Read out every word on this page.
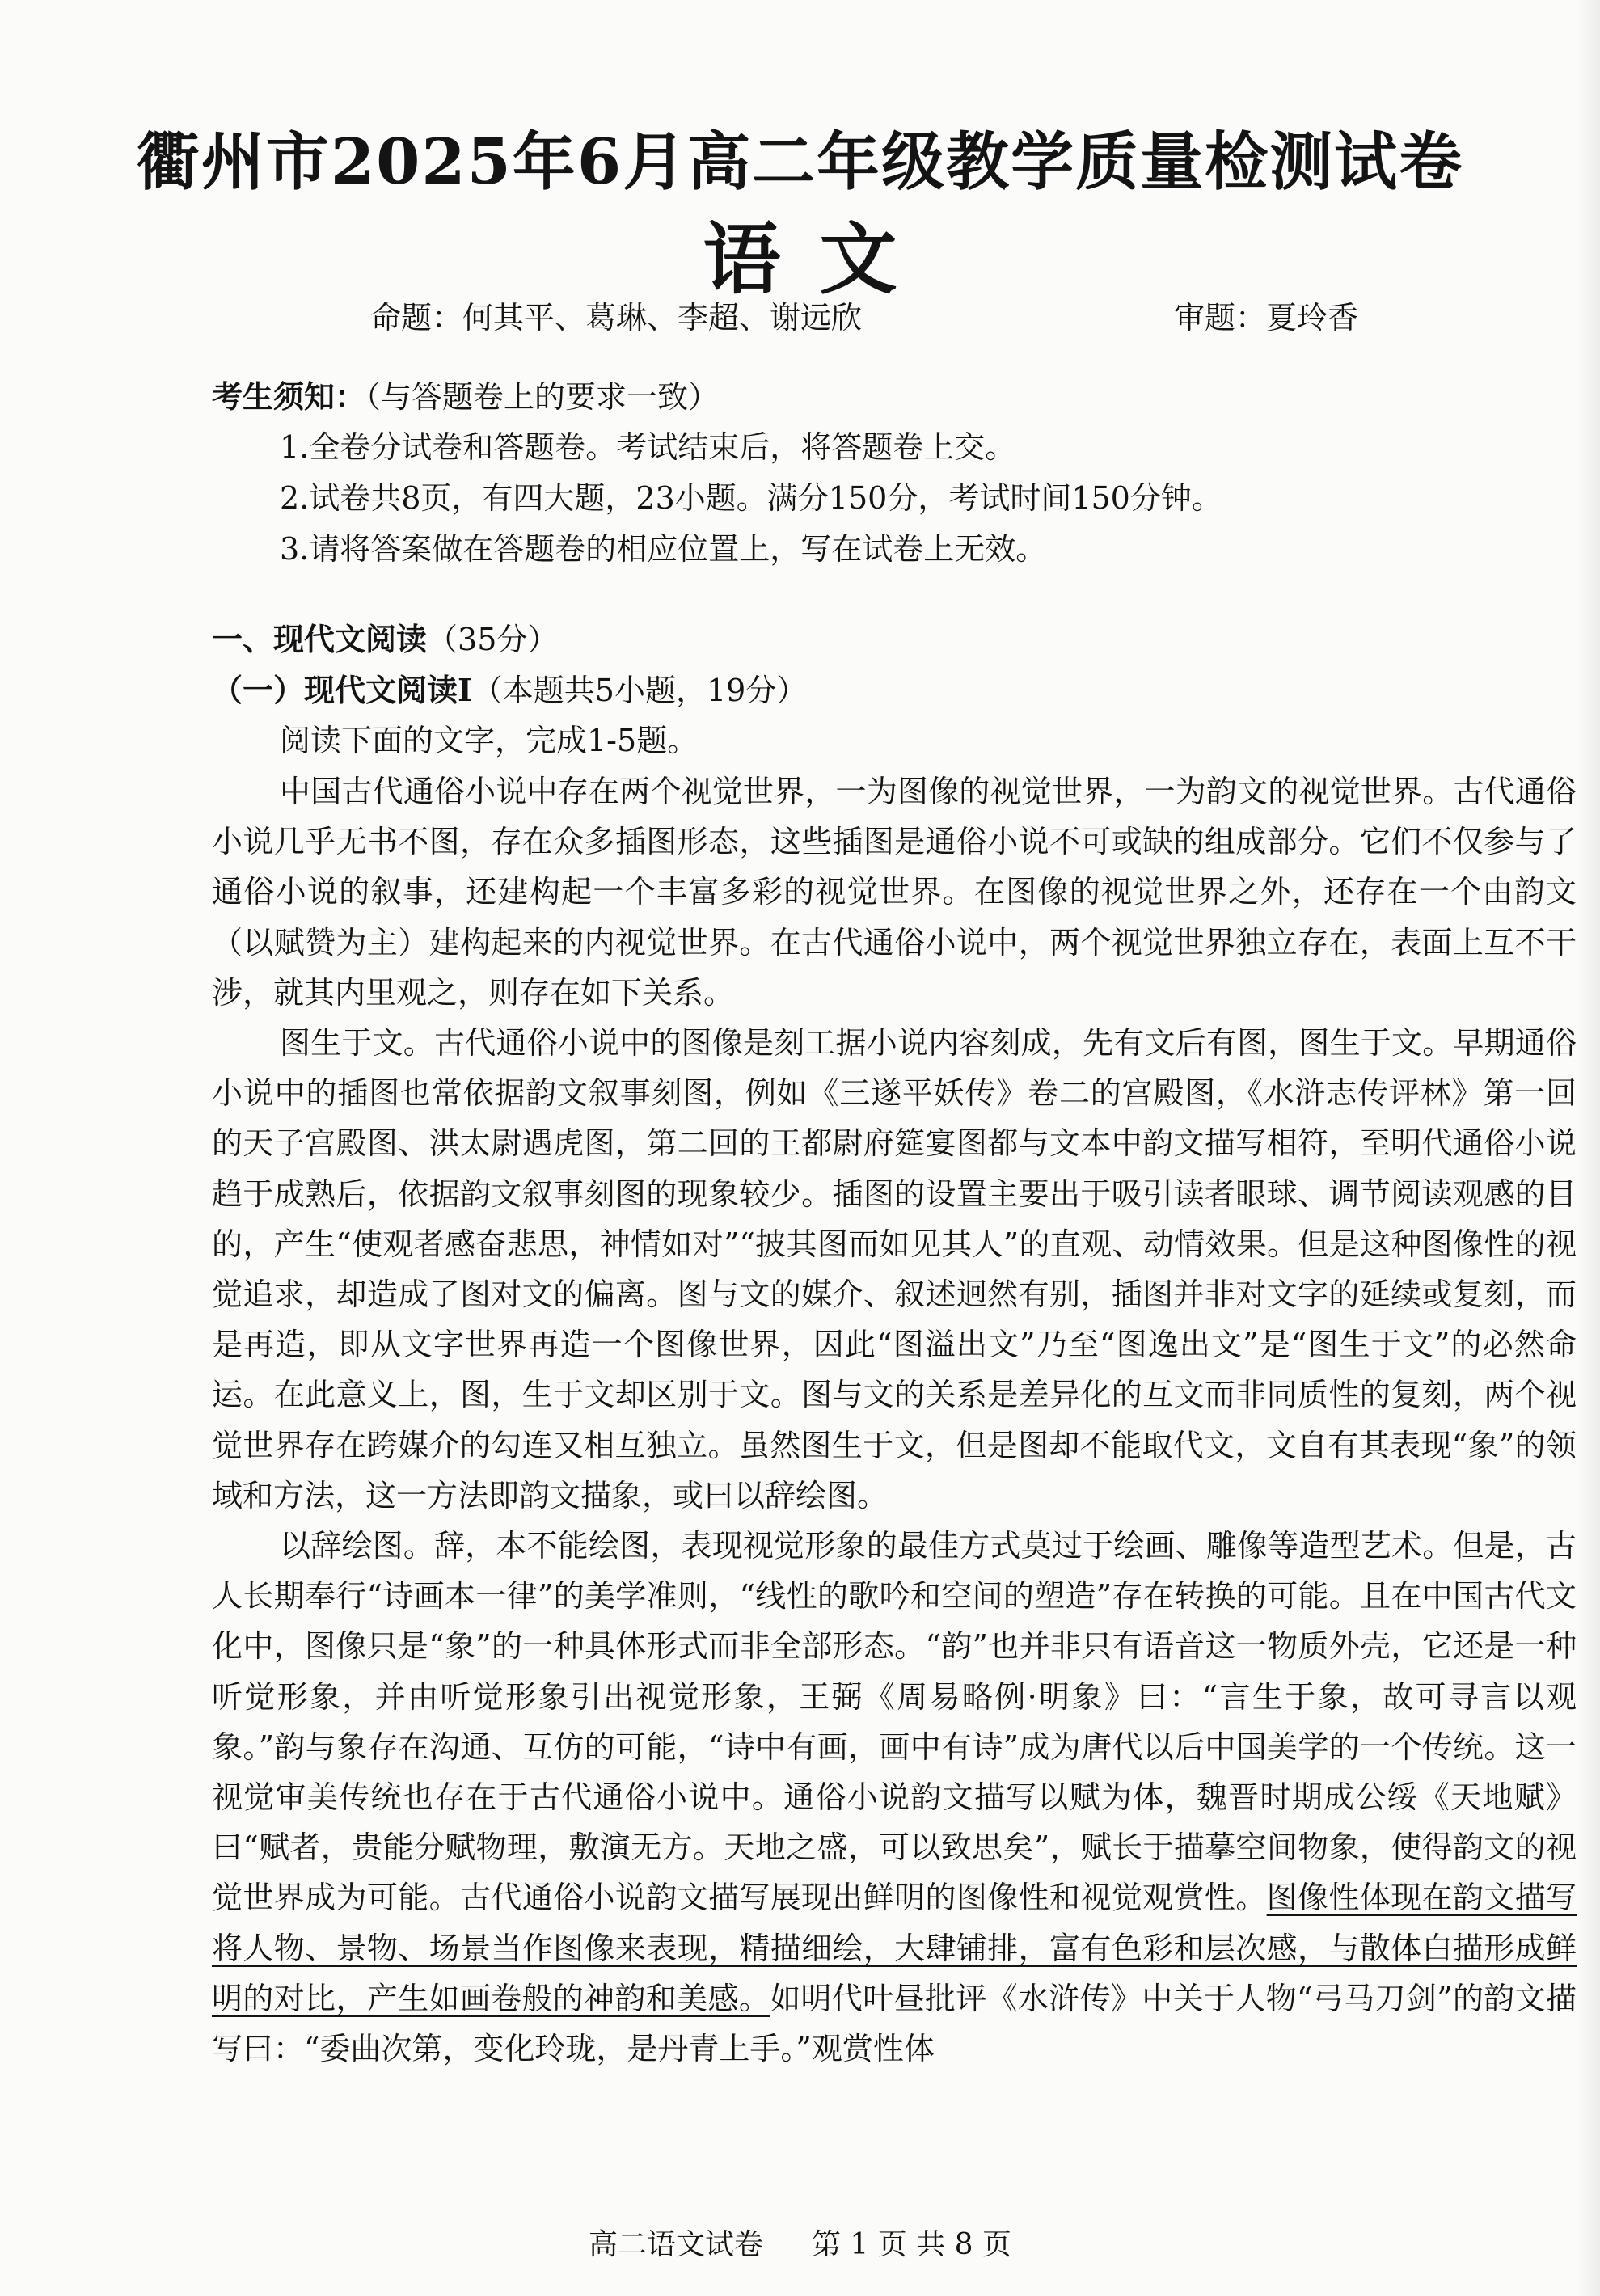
衢州市2025年6月高二年级教学质量检测试卷
语文
命题：何其平、葛琳、李超、谢远欣	审题：夏玲香
考生须知：（与答题卷上的要求一致）
1.全卷分试卷和答题卷。考试结束后，将答题卷上交。
2.试卷共8页，有四大题，23小题。满分150分，考试时间150分钟。
3.请将答案做在答题卷的相应位置上，写在试卷上无效。
一、现代文阅读（35分）
（一）现代文阅读Ⅰ（本题共5小题，19分）
阅读下面的文字，完成1-5题。

中国古代通俗小说中存在两个视觉世界，一为图像的视觉世界，一为韵文的视觉世界。古代通俗小说几乎无书不图，存在众多插图形态，这些插图是通俗小说不可或缺的组成部分。它们不仅参与了通俗小说的叙事，还建构起一个丰富多彩的视觉世界。在图像的视觉世界之外，还存在一个由韵文（以赋赞为主）建构起来的内视觉世界。在古代通俗小说中，两个视觉世界独立存在，表面上互不干涉，就其内里观之，则存在如下关系。

图生于文。古代通俗小说中的图像是刻工据小说内容刻成，先有文后有图，图生于文。早期通俗小说中的插图也常依据韵文叙事刻图，例如《三遂平妖传》卷二的宫殿图，《水浒志传评林》第一回的天子宫殿图、洪太尉遇虎图，第二回的王都尉府筵宴图都与文本中韵文描写相符，至明代通俗小说趋于成熟后，依据韵文叙事刻图的现象较少。插图的设置主要出于吸引读者眼球、调节阅读观感的目的，产生“使观者感奋悲思，神情如对”“披其图而如见其人”的直观、动情效果。但是这种图像性的视觉追求，却造成了图对文的偏离。图与文的媒介、叙述迥然有别，插图并非对文字的延续或复刻，而是再造，即从文字世界再造一个图像世界，因此“图溢出文”乃至“图逸出文”是“图生于文”的必然命运。在此意义上，图，生于文却区别于文。图与文的关系是差异化的互文而非同质性的复刻，两个视觉世界存在跨媒介的勾连又相互独立。虽然图生于文，但是图却不能取代文，文自有其表现“象”的领域和方法，这一方法即韵文描象，或曰以辞绘图。

以辞绘图。辞，本不能绘图，表现视觉形象的最佳方式莫过于绘画、雕像等造型艺术。但是，古人长期奉行“诗画本一律”的美学准则，“线性的歌吟和空间的塑造”存在转换的可能。且在中国古代文化中，图像只是“象”的一种具体形式而非全部形态。“韵”也并非只有语音这一物质外壳，它还是一种听觉形象，并由听觉形象引出视觉形象，王弼《周易略例·明象》曰：“言生于象，故可寻言以观象。”韵与象存在沟通、互仿的可能，“诗中有画，画中有诗”成为唐代以后中国美学的一个传统。这一视觉审美传统也存在于古代通俗小说中。通俗小说韵文描写以赋为体，魏晋时期成公绥《天地赋》曰“赋者，贵能分赋物理，敷演无方。天地之盛，可以致思矣”，赋长于描摹空间物象，使得韵文的视觉世界成为可能。古代通俗小说韵文描写展现出鲜明的图像性和视觉观赏性。图像性体现在韵文描写将人物、景物、场景当作图像来表现，精描细绘，大肆铺排，富有色彩和层次感，与散体白描形成鲜明的对比，产生如画卷般的神韵和美感。如明代叶昼批评《水浒传》中关于人物“弓马刀剑”的韵文描写曰：“委曲次第，变化玲珑，是丹青上手。”观赏性体

高二语文试卷 第 1 页 共 8 页
